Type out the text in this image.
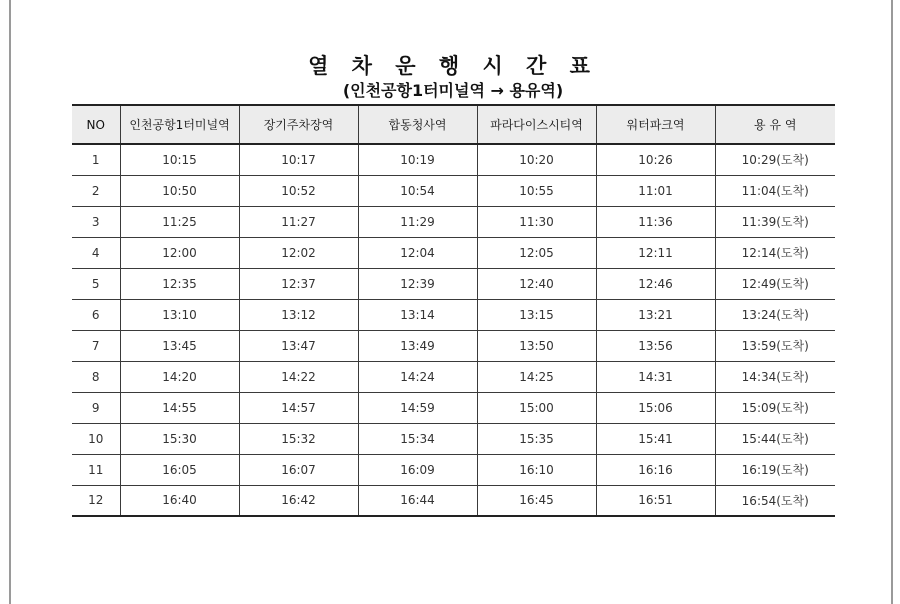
열 차 운 행 시 간 표
(인천공항1터미널역 → 용유역)
NO	인천공항1터미널역	장기주차장역	합동청사역	파라다이스시티역	워터파크역	용 유 역
1	10:15	10:17	10:19	10:20	10:26	10:29(도착)
2	10:50	10:52	10:54	10:55	11:01	11:04(도착)
3	11:25	11:27	11:29	11:30	11:36	11:39(도착)
4	12:00	12:02	12:04	12:05	12:11	12:14(도착)
5	12:35	12:37	12:39	12:40	12:46	12:49(도착)
6	13:10	13:12	13:14	13:15	13:21	13:24(도착)
7	13:45	13:47	13:49	13:50	13:56	13:59(도착)
8	14:20	14:22	14:24	14:25	14:31	14:34(도착)
9	14:55	14:57	14:59	15:00	15:06	15:09(도착)
10	15:30	15:32	15:34	15:35	15:41	15:44(도착)
11	16:05	16:07	16:09	16:10	16:16	16:19(도착)
12	16:40	16:42	16:44	16:45	16:51	16:54(도착)
